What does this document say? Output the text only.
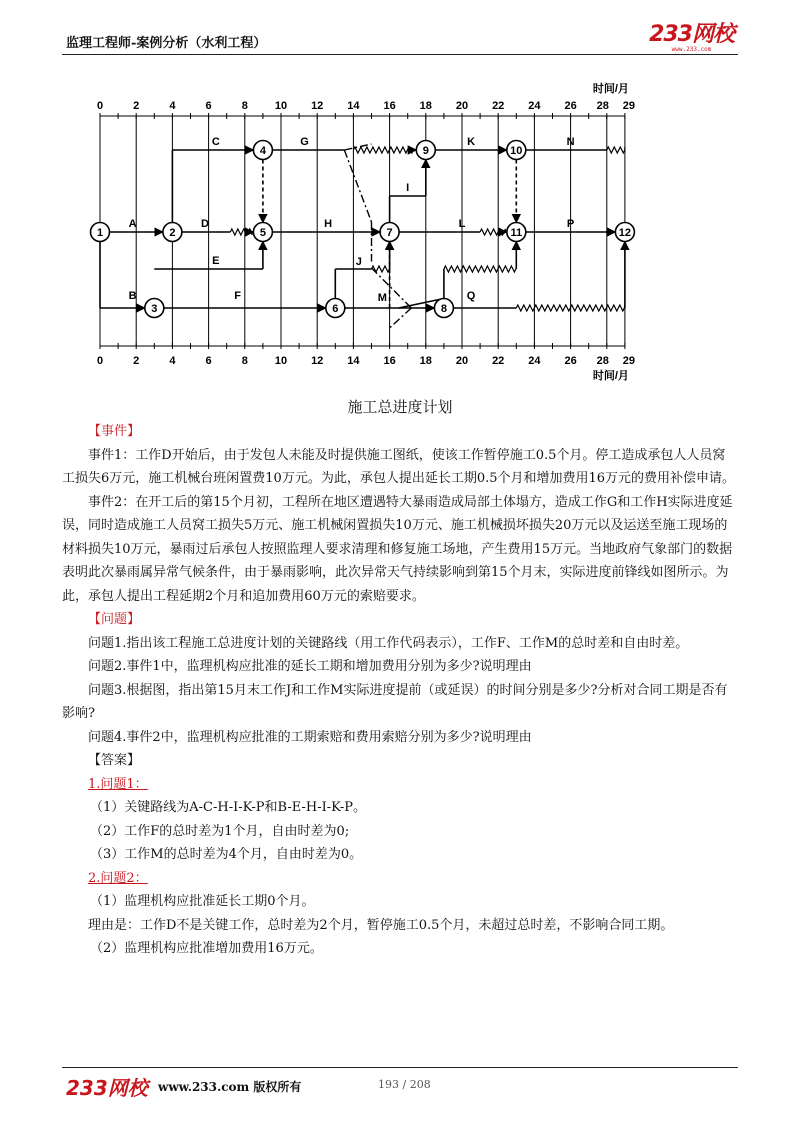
监理工程师-案例分析（水利工程）	233网校
www.233.com
1	2
3
4
5
6
7
8
9	10
11	12
A
B
C
D
E
F
G
H
I
J
K
L
M
N
P
Q
0
0
2
2
4
4
6
6
8
8
10
10
12
12
14
14
16
16
18
18
20
20
22
22
24
24
26
26
28
28
29
29
时间/月
时间/月
施工总进度计划

【事件】

事件1：工作D开始后，由于发包人未能及时提供施工图纸，使该工作暂停施工0.5个月。停工造成承包人人员窝工损失6万元，施工机械台班闲置费10万元。为此，承包人提出延长工期0.5个月和增加费用16万元的费用补偿申请。

事件2：在开工后的第15个月初，工程所在地区遭遇特大暴雨造成局部土体塌方，造成工作G和工作H实际进度延误，同时造成施工人员窝工损失5万元、施工机械闲置损失10万元、施工机械损坏损失20万元以及运送至施工现场的材料损失10万元，暴雨过后承包人按照监理人要求清理和修复施工场地，产生费用15万元。当地政府气象部门的数据表明此次暴雨属异常气候条件，由于暴雨影响，此次异常天气持续影响到第15个月末，实际进度前锋线如图所示。为此，承包人提出工程延期2个月和追加费用60万元的索赔要求。

【问题】

问题1.指出该工程施工总进度计划的关键路线（用工作代码表示），工作F、工作M的总时差和自由时差。

问题2.事件1中，监理机构应批准的延长工期和增加费用分别为多少?说明理由

问题3.根据图，指出第15月末工作J和工作M实际进度提前（或延误）的时间分别是多少?分析对合同工期是否有影响?

问题4.事件2中，监理机构应批准的工期索赔和费用索赔分别为多少?说明理由

【答案】

1.问题1：

（1）关键路线为A-C-H-I-K-P和B-E-H-I-K-P。

（2）工作F的总时差为1个月，自由时差为0;

（3）工作M的总时差为4个月，自由时差为0。

2.问题2：

（1）监理机构应批准延长工期0个月。

理由是：工作D不是关键工作，总时差为2个月，暂停施工0.5个月，未超过总时差，不影响合同工期。

（2）监理机构应批准增加费用16万元。

233网校 www.233.com 版权所有	193 / 208
